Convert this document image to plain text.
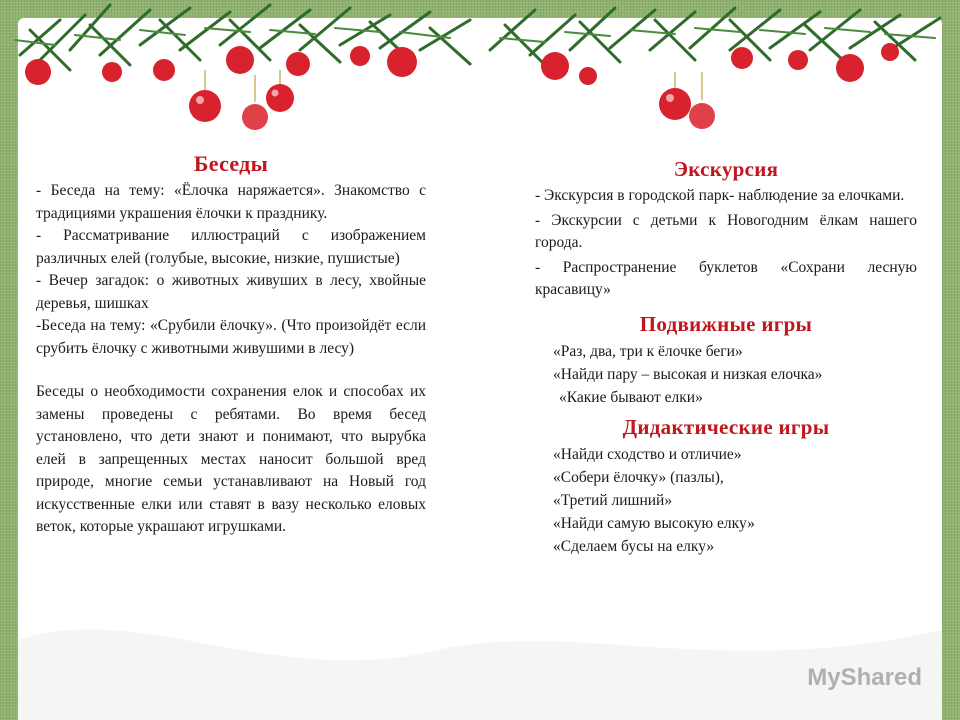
Беседы

- Беседа на тему: «Ёлочка наряжается». Знакомство с традициями украшения ёлочки к празднику.

- Рассматривание иллюстраций с изображением различных елей (голубые, высокие, низкие, пушистые)

- Вечер загадок: о животных живуших в лесу, хвойные деревья, шишках

-Беседа на тему: «Срубили ёлочку». (Что произойдёт если срубить ёлочку с животными живушими в лесу)

Беседы о необходимости сохранения елок и способах их замены проведены с ребятами. Во время бесед установлено, что дети знают и понимают, что вырубка елей в запрещенных местах наносит большой вред природе, многие семьи устанавливают на Новый год искусственные елки или ставят в вазу несколько еловых веток, которые украшают игрушками.

Экскурсия

- Экскурсия в городской парк- наблюдение за елочками.

- Экскурсии с детьми к Новогодним ёлкам нашего города.

- Распространение буклетов «Сохрани лесную красавицу»

Подвижные игры
«Раз, два, три к ёлочке беги»
«Найди пару – высокая и низкая елочка»
«Какие бывают елки»
Дидактические игры
«Найди сходство и отличие»
«Собери ёлочку» (пазлы),
«Третий лишний»
«Найди самую высокую елку»
«Сделаем бусы на елку»
MyShared
